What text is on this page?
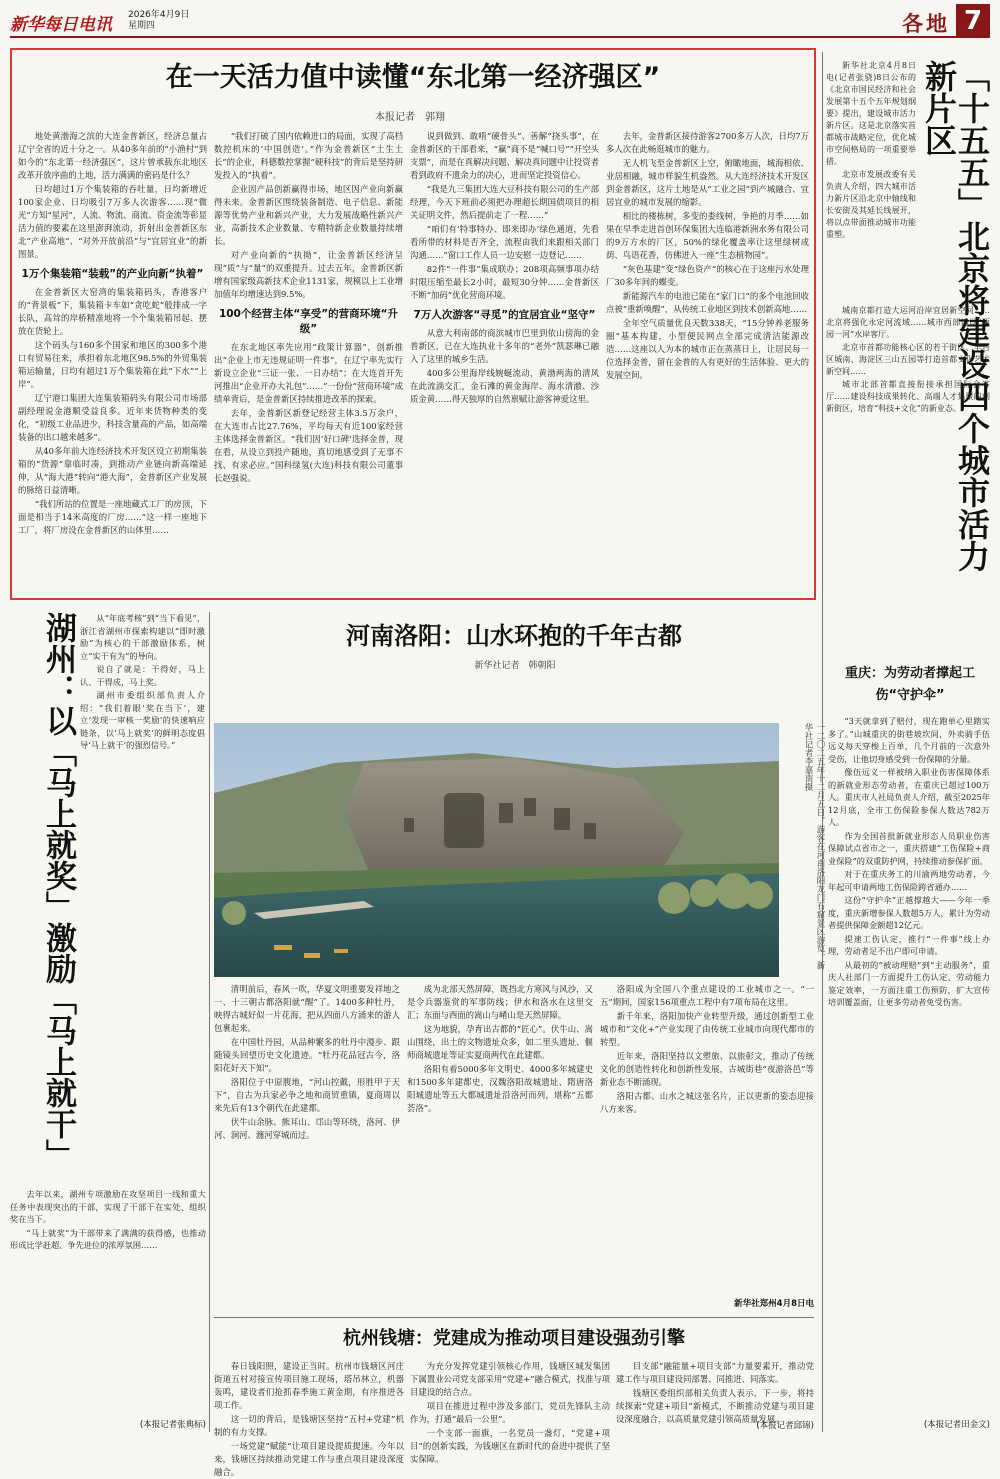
新华每日电讯 2026年4月9日
星期四	各地 7
在一天活力值中读懂“东北第一经济强区”
本报记者　郭翔

地处黄渤海之滨的大连金普新区，经济总量占辽宁全省的近十分之一。从40多年前的“小渔村”到如今的“东北第一经济强区”，这片曾承载东北地区改革开放序曲的土地，活力满满的密码是什么？

日均超过1万个集装箱的吞吐量，日均新增近100家企业、日均吸引7万多人次游客……现“微光”方知“星河”，人流、物流、商流、资金流等彰显活力值的要素在这里澎湃流动，折射出金普新区东北“产业高地”、“对外开放前沿”与“宜居宜业”的新图景。

1万个集装箱“装载”的产业向新“执着”

在金普新区大窑湾的集装箱码头，香港客户的“背景板”下，集装箱卡车如“贪吃蛇”般排成一字长队，高耸的岸桥精准地将一个个集装箱吊起、摆放在货轮上。

这个码头与160多个国家和地区的300多个港口有贸易往来，承担着东北地区98.5%的外贸集装箱运输量，日均有超过1万个集装箱在此“下水”“上岸”。

辽宁港口集团大连集装箱码头有限公司市场部副经理说金港顺受益良多。近年来货物种类的变化，“初级工业品进少，科技含量高的产品，如高端装备的出口越来越多”。

从40多年前大连经济技术开发区设立初期集装箱的“货源”靠临时凑，到推动产业链向新高端延伸，从“海大港”转向“港大海”，金普新区产业发展的脉络日益清晰。

“我们所站的位置是一座地藏式工厂的房顶，下面是相当于14米高度的厂房……”这一样一座地下工厂，将厂房设在金普新区的山体里……

“我们打破了国内依赖进口的局面，实现了高档数控机床的‘中国创造’。”作为金普新区“土生土长”的企业，科德数控掌握“硬科技”的背后是坚持研发投入的“执着”。

企业因产品创新赢得市场，地区因产业向新赢得未来。金普新区围绕装备制造、电子信息、新能源等优势产业和新兴产业，大力发展战略性新兴产业，高新技术企业数量、专精特新企业数量持续增长。

对产业向新的“执拗”，让金普新区经济呈现“质”与“量”的双重提升。过去五年，金普新区新增有国家级高新技术企业1131家，规模以上工业增加值年均增速达到9.5%。

100个经营主体“享受”的营商环境“升级”

在东北地区率先应用“政策计算器”，创新推出“企业上市无违规证明一件事”，在辽宁率先实行新设立企业“三证一张、一日办结”；在大连首开先河推出“企业开办大礼包”……”一份份“营商环境”成绩单背后，是金普新区持续推进改革的探索。

去年，金普新区新登记经营主体3.5万余户，在大连市占比27.76%，平均每天有近100家经营主体选择金普新区。“我们因‘好口碑’选择金普，现在看，从设立到投产随地，真切地感受到了无事不找、有求必应。”国科绿氢(大连)科技有限公司董事长赵强说。

说到做到、敢啃“硬骨头”、善解“挠头事”，在金普新区的干部看来，“赢”商不是“喊口号”“开空头支票”，而是在真解决问题、解决真问题中让投资者看到政府不遗余力的决心，进而坚定投资信心。

“我是九三集团大连大豆科技有限公司的生产部经理，今天下班前必须把办理超长期国债项目的相关证明文件，然后提前走了一程……”

“咱们有‘特事特办、即来即办’绿色通道，先看看所带的材料是否齐全，流程由我们来跟相关部门沟通……”窗口工作人员一边安慰一边登记……

82件“一件事”集成联办；208项高频事项办结时限压缩至最长2小时，最短30分钟……金普新区不断“加码”优化营商环境。

7万人次游客“寻觅”的宜居宜业“坚守”

从意大利南部的商滨城市巴里到依山傍海的金普新区，已在大连执业十多年的“老外”凯瑟琳已融入了这里的城乡生活。

400多公里海岸线婉蜒流动，黄渤两海的清风在此流淌交汇，金石滩的黄金海岸、海水清澈、沙质金黄……得天独厚的自然禀赋让游客神爱这里。

去年，金普新区接待游客2700多万人次，日均7万多人次在此畅逛城市的魅力。

无人机飞至金普新区上空，俯瞰地面，城海相依、业居相融，城市样貌生机盎然。从大连经济技术开发区到金普新区，这片土地是从“工业之园”到产城融合、宜居宜业的城市发展的缩影。

相比的楼栋树，多变的娄线树，争艳的月季……如果在早季走进首创环保集团大连临港新洲水务有限公司的9万方水的厂区，50%的绿化覆盖率让这里绿树成荫、鸟语花香，仿佛进入一座“生态植物园”。

“灰色基建”变“绿色资产”的核心在于这座污水处理厂30多年间的蝶变。

新能源汽车的电池已能在“家门口”的多个电池回收点被“重新唤醒”，从传统工业地区到技术创新高地……

全年空气质量优良天数338天，“15分钟养老服务圈”基本构建，小型便民网点全部完成清洁能源改造……这座以人为本的城市正在蒸蒸日上，让居民每一位选择金普，留在金普的人有更好的生活体验、更大的发展空间。	「十五五」北京将建设四个城市活力新片区

新华社北京4月8日电(记者张骁)8日公布的《北京市国民经济和社会发展第十五个五年规划纲要》提出，建设城市活力新片区。这是北京落实首都城市战略定位，优化城市空间格局的一项重要举措。

北京市发展改委有关负责人介绍，四大城市活力新片区沿北京中轴线和长安街及其延长线展开，将以点带面推动城市功能重塑。

城南京都打造大运河沿岸宜居新空间……北京将强化永定河流域……城市西部建设“两园一河”水岸客厅。

北京市首都功能核心区的若干街区、丰台区城南、海淀区三山五园等打造首都文化艺术新空间……

城市北部首都直接衔接承担国际会客厅……建设科技成果转化、高端人才集聚的创新街区，培育“科技+文化”的新业态。

湖州：以「马上就奖」激励「马上就干」	从“年底考核”到“当下看见”，浙江省湖州市探索构建以“即时激励”为核心的干部激励体系，树立“实干有为”的导向。

说自了就是：干得好，马上认、干得成，马上奖。

湖州市委组织部负责人介绍：“我们着眼‘奖在当下’，建立‘发现一审核一奖励’的快速响应链条，以‘马上就奖’的鲜明态度倡导‘马上就干’的强烈信号。”

去年以来，湖州专项激励在攻坚项目一线和重大任务中表现突出的干部，实现了干部干在实处、组织奖在当下。

“马上就奖”为干部带来了满满的获得感，也推动形成比学赶超、争先进位的浓厚氛围……

(本报记者张典标)
河南洛阳：山水环抱的千年古都
新华社记者　韩朝阳
一二〇二五年十二月五日，游客在河南洛阳龙门石窟景区游览。新华社记者李嘉南摄

清明前后，春风一吹，华夏文明重要发祥地之一、十三朝古都洛阳就“醒”了。1400多种牡丹，映得古城好似一片花海，把从四面八方涌来的游人包裹起来。

在中国牡丹园，从品种繁多的牡丹中漫步、跟随镜头回望历史文化遗迹。“牡丹花品冠古今，洛阳花好天下知”。

洛阳位于中原腹地，“河山控戴，形胜甲于天下”，自古为兵家必争之地和商贸重镇，夏商周以来先后有13个朝代在此建都。

伏牛山余脉、熊耳山、邙山等环绕，洛河、伊河、涧河、瀍河穿城而过。

成为北部天然屏障，既挡北方寒风与风沙，又是令兵器鉴赏的军事防线；伊水和洛水在这里交汇；东面与西面的嵩山与崤山是天然屏障。

这为地貌，孕育出古都的“匠心”。伏牛山、嵩山围绕，出土的文物遗址众多，如二里头遗址、偃师商城遗址等证实夏商两代在此建都。

洛阳有着5000多年文明史、4000多年城建史和1500多年建都史，汉魏洛阳故城遗址、隋唐洛阳城遗址等五大都城遗址沿洛河而列，堪称“五都荟洛”。

洛阳成为全国八个重点建设的工业城市之一。“一五”期间，国家156项重点工程中有7项布局在这里。

新千年来，洛阳加快产业转型升级，通过创新型工业城市和“文化+”产业实现了由传统工业城市向现代都市的转型。

近年来，洛阳坚持以文塑旅、以旅彰文，推动了传统文化的创造性转化和创新性发展，古城街巷“夜游洛邑”等新业态不断涌现。

洛阳古都、山水之城这张名片，正以更新的姿态迎接八方来客。

新华社郑州4月8日电
重庆：为劳动者撑起工伤“守护伞”

“3天就拿到了赔付，现在跑单心里踏实多了。”山城重庆的街巷坡坎间，外卖骑手伍远义每天穿梭上百单，几个月前的一次意外受伤，让他切身感受到一份保障的分量。

像伍远义一样被纳入职业伤害保障体系的新就业形态劳动者，在重庆已超过100万人。重庆市人社局负责人介绍，截至2025年12月底，全市工伤保险参保人数达782万人。

作为全国首批新就业形态人员职业伤害保障试点省市之一，重庆搭建“工伤保险+商业保险”的双重防护网，持续推动参保扩面。

对于在重庆务工的川渝两地劳动者，今年起可申请两地工伤保险跨省通办……

这份“守护伞”正越撑越大——今年一季度，重庆新增参保人数超5万人，累计为劳动者提供保障金额超12亿元。

提速工伤认定，推行“一件事”线上办理，劳动者足不出户即可申请。

从最初的“被动理赔”到“主动服务”，重庆人社部门一方面提升工伤认定、劳动能力鉴定效率，一方面注重工伤预防，扩大宣传培训覆盖面，让更多劳动者免受伤害。

(本报记者田金文)
杭州钱塘：党建成为推动项目建设强劲引擎

春日钱阳照，建设正当时。杭州市钱塘区河庄街道五村对接宣传项目施工现场，塔吊林立，机器轰鸣，建设者们抢抓春季施工黄金期，有序推进各项工作。

这一切的背后，是钱塘区坚持“五村+党建”机制的有力支撑。

一场党建“赋能”让项目建设提质提速。今年以来，钱塘区持续推动党建工作与重点项目建设深度融合。

为充分发挥党建引领核心作用，钱塘区城发集团下属置业公司党支部采用“党建+”融合模式，找准与项目建设的结合点。

项目在推进过程中涉及多部门，党员先锋队主动作为，打通“最后一公里”。

一个支部一面旗，一名党员一盏灯，“党建+项目”的创新实践，为钱塘区在新时代的奋进中提供了坚实保障。

目支部“融能量+项目支部”力量要素开，推动党建工作与项目建设同部署、同推进、同落实。

钱塘区委组织部相关负责人表示，下一步，将持续探索“党建+项目”新模式，不断推动党建与项目建设深度融合，以高质量党建引领高质量发展。

(本报记者邱锦)
